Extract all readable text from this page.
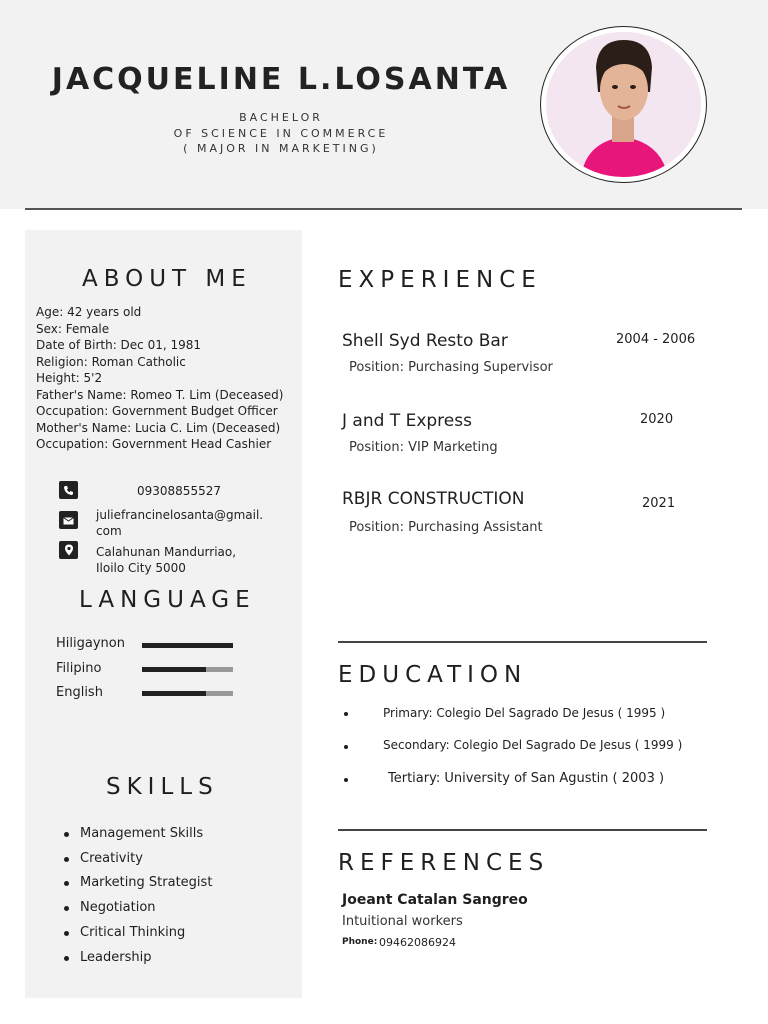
JACQUELINE L.LOSANTA
BACHELOR
OF SCIENCE IN COMMERCE
( MAJOR IN MARKETING)
ABOUT ME
Age: 42 years old
Sex: Female
Date of Birth: Dec 01, 1981
Religion: Roman Catholic
Height: 5'2
Father's Name: Romeo T. Lim (Deceased)
Occupation: Government Budget Officer
Mother's Name: Lucia C. Lim (Deceased)
Occupation: Government Head Cashier
09308855527
juliefrancinelosanta@gmail.
com
Calahunan Mandurriao,
Iloilo City 5000
LANGUAGE
Hiligaynon
Filipino
English
SKILLS
Management Skills
Creativity
Marketing Strategist
Negotiation
Critical Thinking
Leadership
EXPERIENCE
Shell Syd Resto Bar	2004 - 2006
Position: Purchasing Supervisor
J and T Express	2020
Position: VIP Marketing
RBJR CONSTRUCTION	2021
Position: Purchasing Assistant
EDUCATION
Primary: Colegio Del Sagrado De Jesus ( 1995 )
Secondary: Colegio Del Sagrado De Jesus ( 1999 )
Tertiary: University of San Agustin ( 2003 )
REFERENCES
Joeant Catalan Sangreo
Intuitional workers
Phone: 09462086924
